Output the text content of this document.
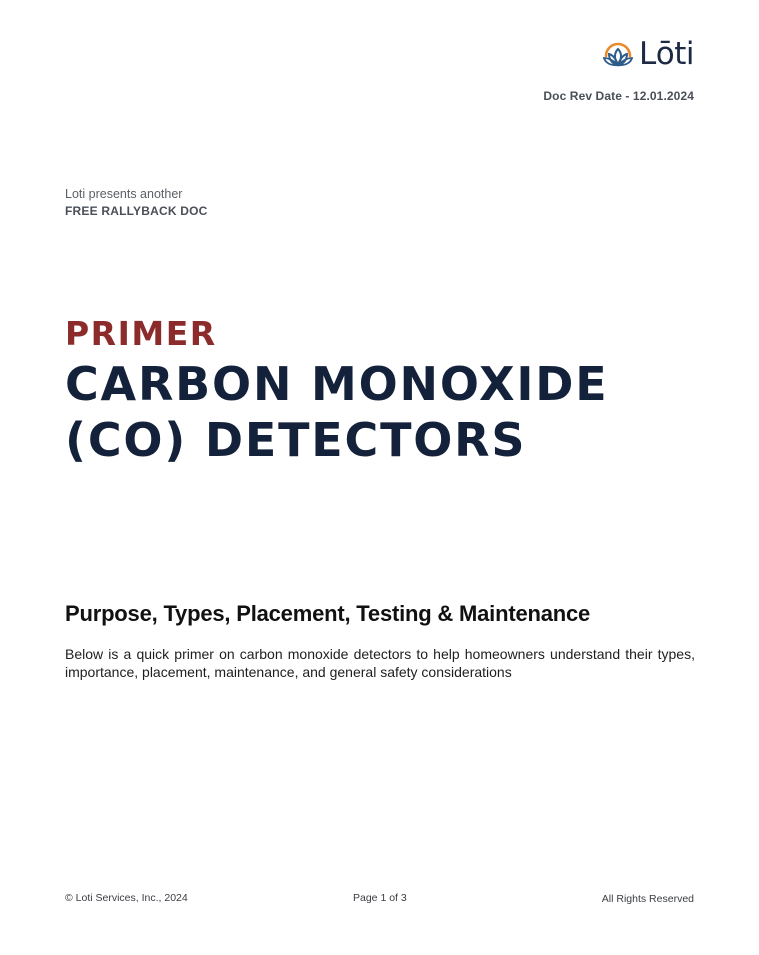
Lōti
Doc Rev Date - 12.01.2024
Loti presents another
FREE RALLYBACK DOC
PRIMER
CARBON MONOXIDE
(CO) DETECTORS
Purpose, Types, Placement, Testing & Maintenance
Below is a quick primer on carbon monoxide detectors to help homeowners understand their types, importance, placement, maintenance, and general safety considerations
© Loti Services, Inc., 2024	Page 1 of 3	All Rights Reserved
